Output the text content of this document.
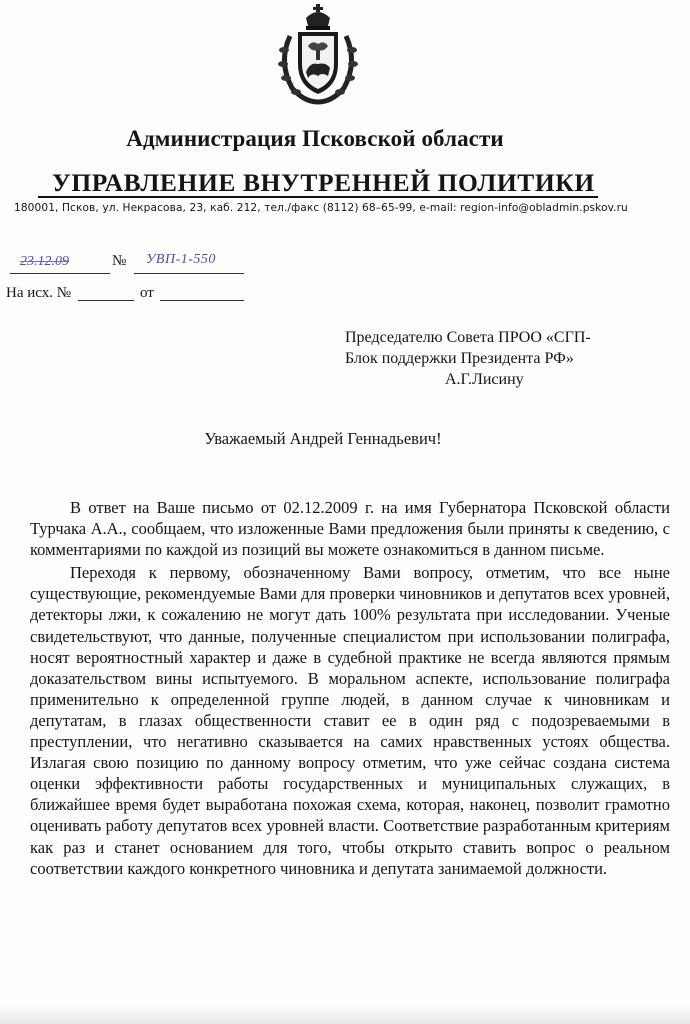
Администрация Псковской области
УПРАВЛЕНИЕ ВНУТРЕННЕЙ ПОЛИТИКИ

180001, Псков, ул. Некрасова, 23, каб. 212, тел./факс (8112) 68–65-99, e-mail: region-info@obladmin.pskov.ru

23.12.09	№ УВП-1-550

На исх. №	от

Председателю Совета ПРОО «СГП-
Блок поддержки Президента РФ»
А.Г.Лисину

Уважаемый Андрей Геннадьевич!

В ответ на Ваше письмо от 02.12.2009 г. на имя Губернатора Псковской области Турчака А.А., сообщаем, что изложенные Вами предложения были приняты к сведению, с комментариями по каждой из позиций вы можете ознакомиться в данном письме.

Переходя к первому, обозначенному Вами вопросу, отметим, что все ныне существующие, рекомендуемые Вами для проверки чиновников и депутатов всех уровней, детекторы лжи, к сожалению не могут дать 100% результата при исследовании. Ученые свидетельствуют, что данные, полученные специалистом при использовании полиграфа, носят вероятностный характер и даже в судебной практике не всегда являются прямым доказательством вины испытуемого. В моральном аспекте, использование полиграфа применительно к определенной группе людей, в данном случае к чиновникам и депутатам, в глазах общественности ставит ее в один ряд с подозреваемыми в преступлении, что негативно сказывается на самих нравственных устоях общества. Излагая свою позицию по данному вопросу отметим, что уже сейчас создана система оценки эффективности работы государственных и муниципальных служащих, в ближайшее время будет выработана похожая схема, которая, наконец, позволит грамотно оценивать работу депутатов всех уровней власти. Соответствие разработанным критериям как раз и станет основанием для того, чтобы открыто ставить вопрос о реальном соответствии каждого конкретного чиновника и депутата занимаемой должности.
